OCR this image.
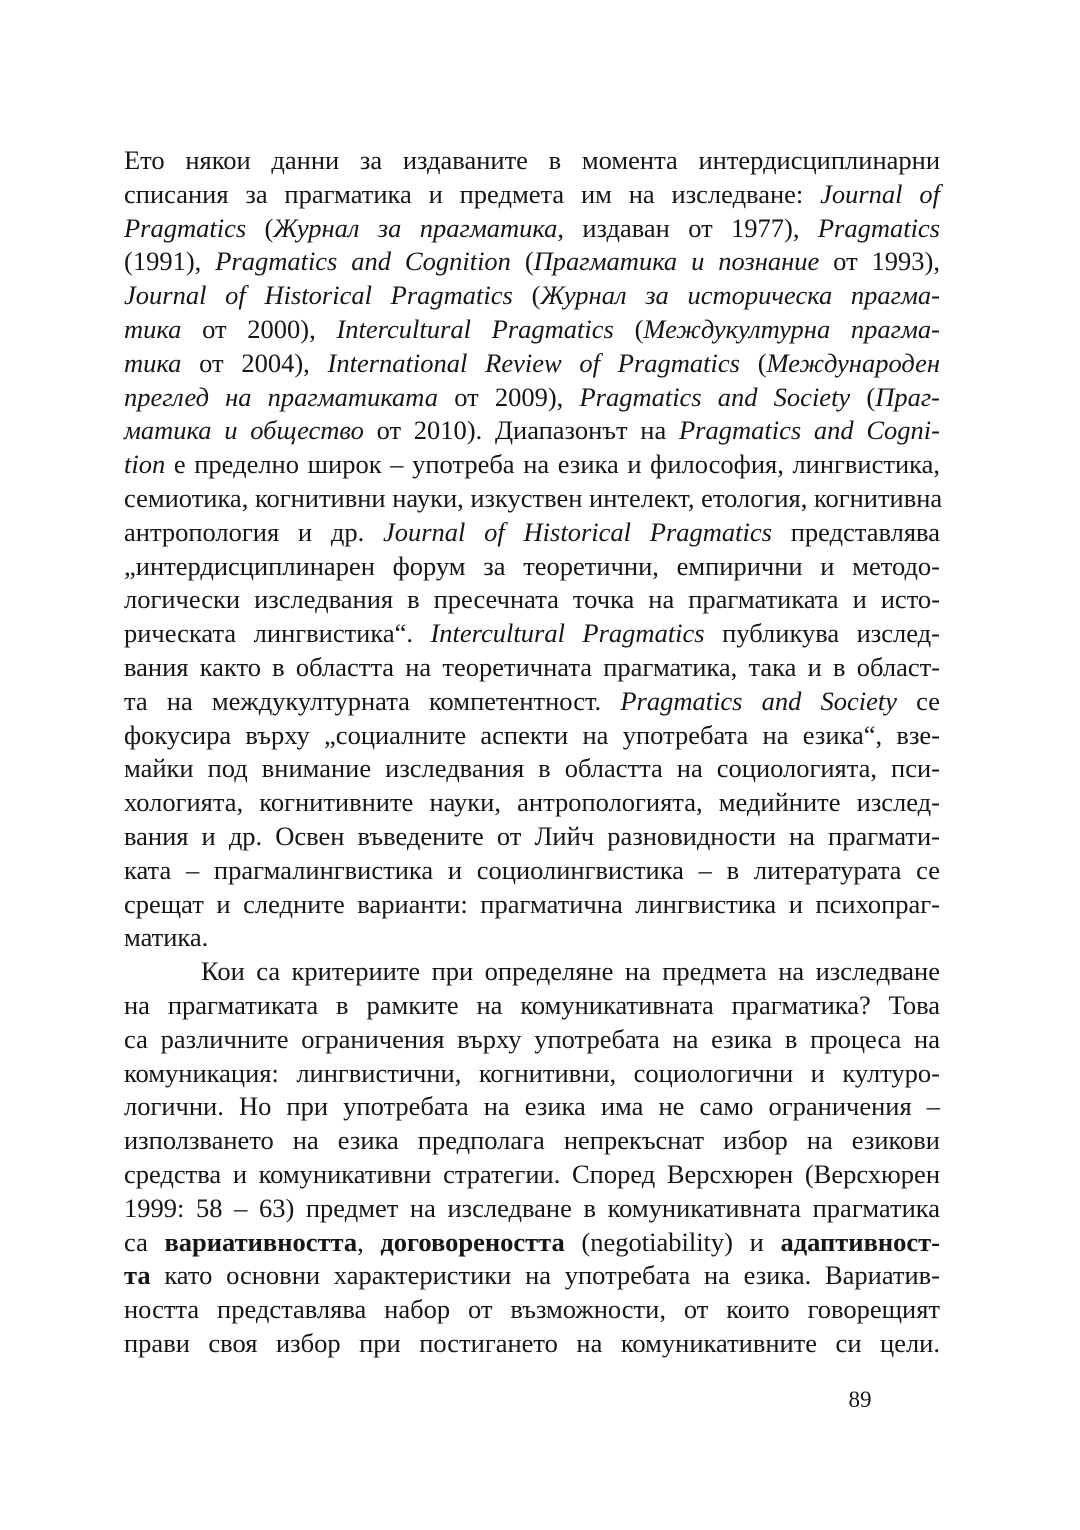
Ето някои данни за издаваните в момента интердисциплинарни
списания за прагматика и предмета им на изследване: Journal of
Pragmatics (Журнал за прагматика, издаван от 1977), Pragmatics
(1991), Pragmatics and Cognition (Прагматика и познание от 1993),
Journal of Historical Pragmatics (Журнал за историческа прагма-
тика от 2000), Intercultural Pragmatics (Междукултурна прагма-
тика от 2004), International Review of Pragmatics (Международен
преглед на прагматиката от 2009), Pragmatics and Society (Праг-
матика и общество от 2010). Диапазонът на Pragmatics and Cogni-
tion е пределно широк – употреба на езика и философия, лингвистика,
семиотика, когнитивни науки, изкуствен интелект, етология, когнитивна
антропология и др. Journal of Historical Pragmatics представлява
„интердисциплинарен форум за теоретични, емпирични и методо-
логически изследвания в пресечната точка на прагматиката и исто-
рическата лингвистика“. Intercultural Pragmatics публикува изслед-
вания както в областта на теоретичната прагматика, така и в област-
та на междукултурната компетентност. Pragmatics and Society се
фокусира върху „социалните аспекти на употребата на езика“, взе-
майки под внимание изследвания в областта на социологията, пси-
хологията, когнитивните науки, антропологията, медийните изслед-
вания и др. Освен въведените от Лийч разновидности на прагмати-
ката – прагмалингвистика и социолингвистика – в литературата се
срещат и следните варианти: прагматична лингвистика и психопраг-
матика.
Кои са критериите при определяне на предмета на изследване
на прагматиката в рамките на комуникативната прагматика? Това
са различните ограничения върху употребата на езика в процеса на
комуникация: лингвистични, когнитивни, социологични и културо-
логични. Но при употребата на езика има не само ограничения –
използването на езика предполага непрекъснат избор на езикови
средства и комуникативни стратегии. Според Версхюрен (Версхюрен
1999: 58 – 63) предмет на изследване в комуникативната прагматика
са вариативността, договореността (negotiability) и адаптивност-
та като основни характеристики на употребата на езика. Вариатив-
ността представлява набор от възможности, от които говорещият
прави своя избор при постигането на комуникативните си цели.
89
